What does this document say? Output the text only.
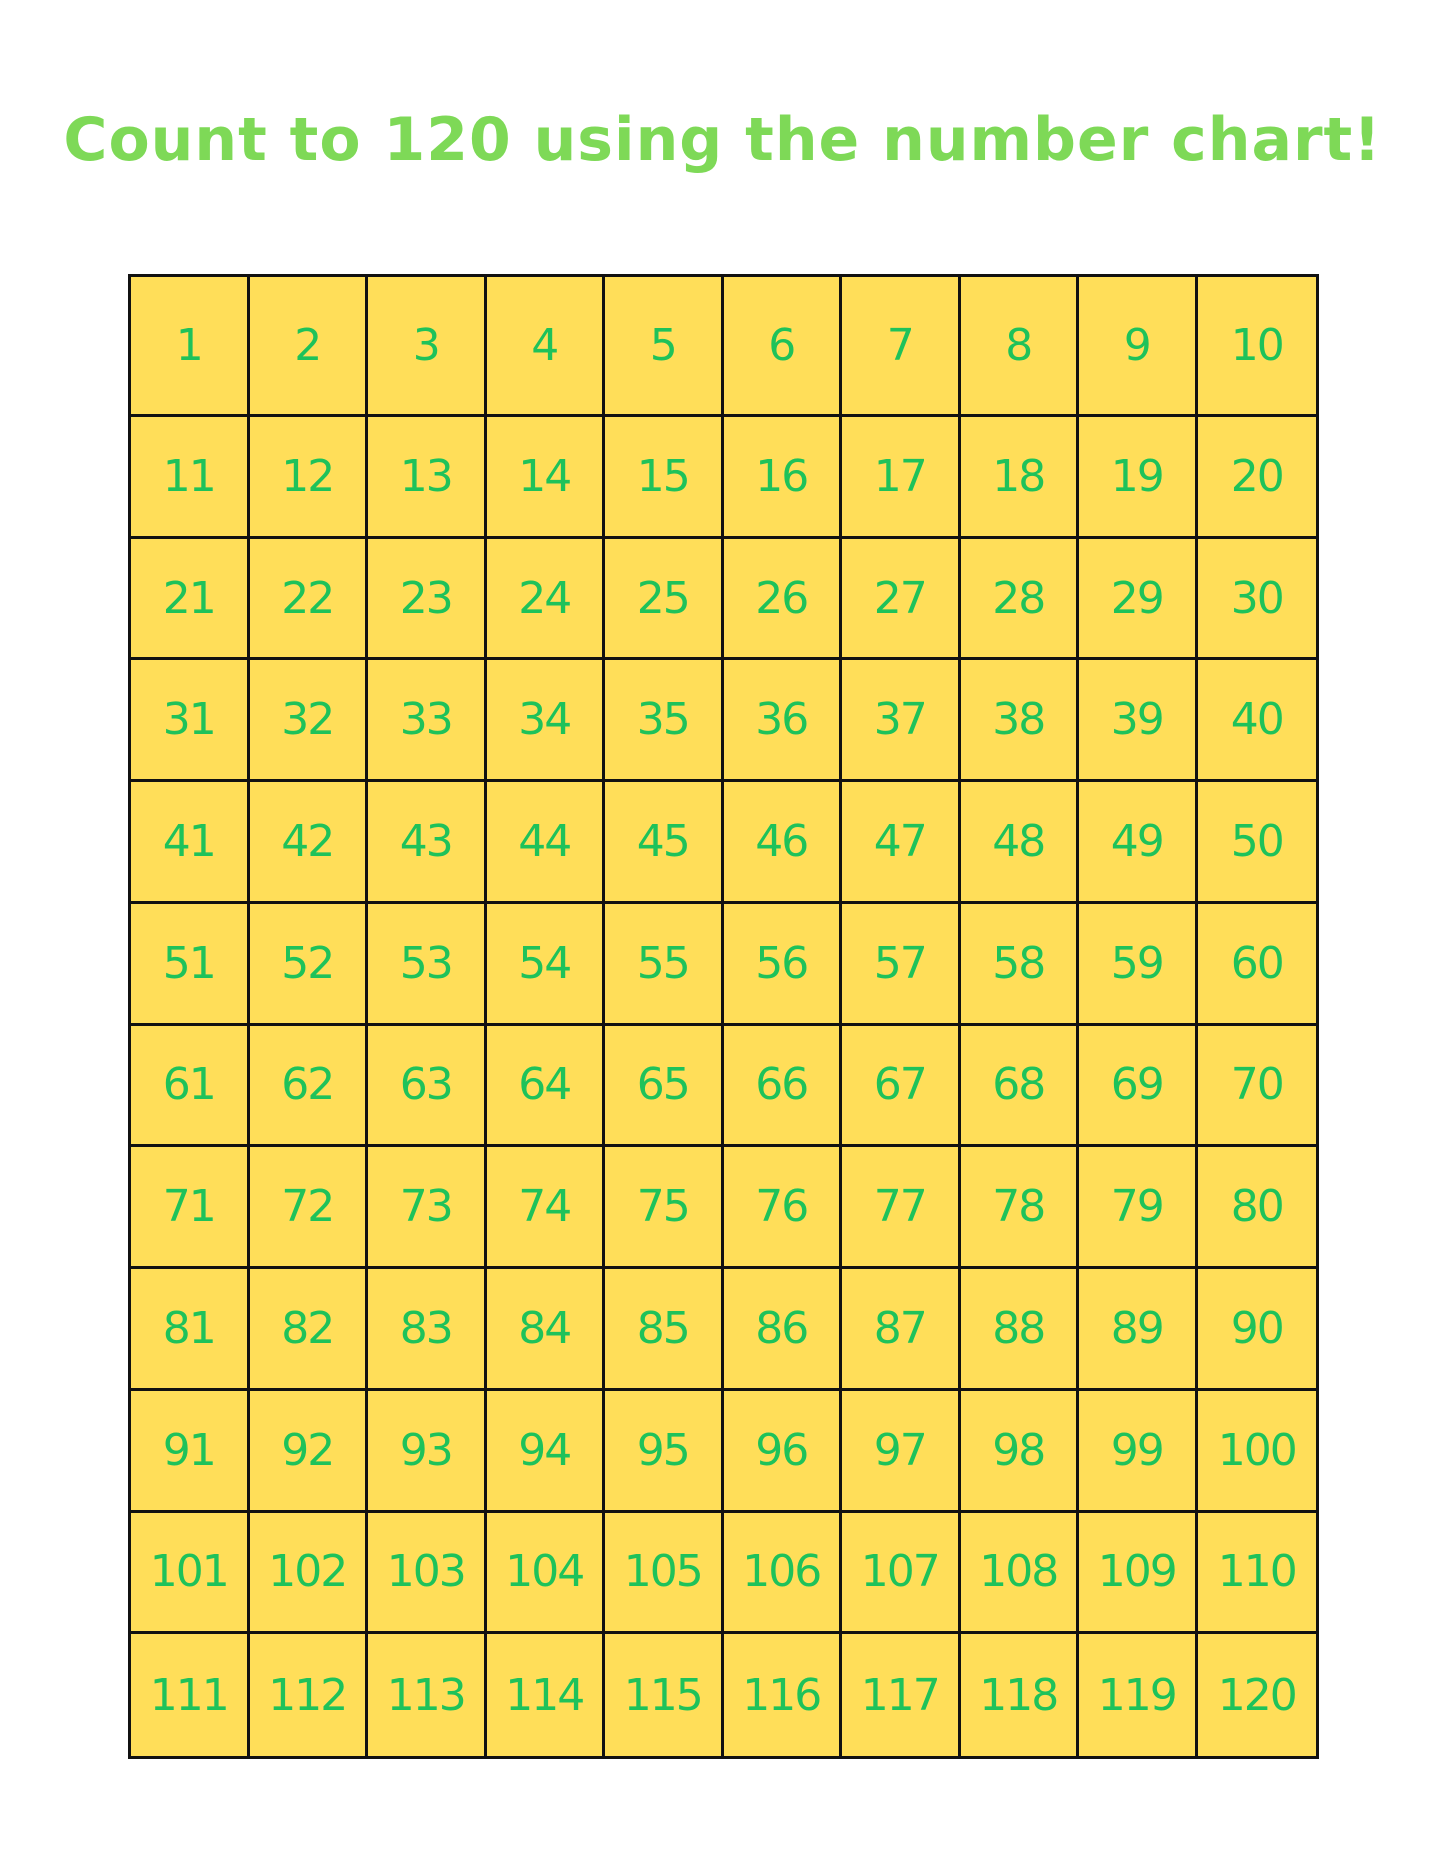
Count to 120 using the number chart!
1	2	3	4	5	6	7	8	9	10
11	12	13	14	15	16	17	18	19	20
21	22	23	24	25	26	27	28	29	30
31	32	33	34	35	36	37	38	39	40
41	42	43	44	45	46	47	48	49	50
51	52	53	54	55	56	57	58	59	60
61	62	63	64	65	66	67	68	69	70
71	72	73	74	75	76	77	78	79	80
81	82	83	84	85	86	87	88	89	90
91	92	93	94	95	96	97	98	99	100
101 102 103 104 105 106 107 108 109 110
111 112 113 114 115 116 117 118 119 120
